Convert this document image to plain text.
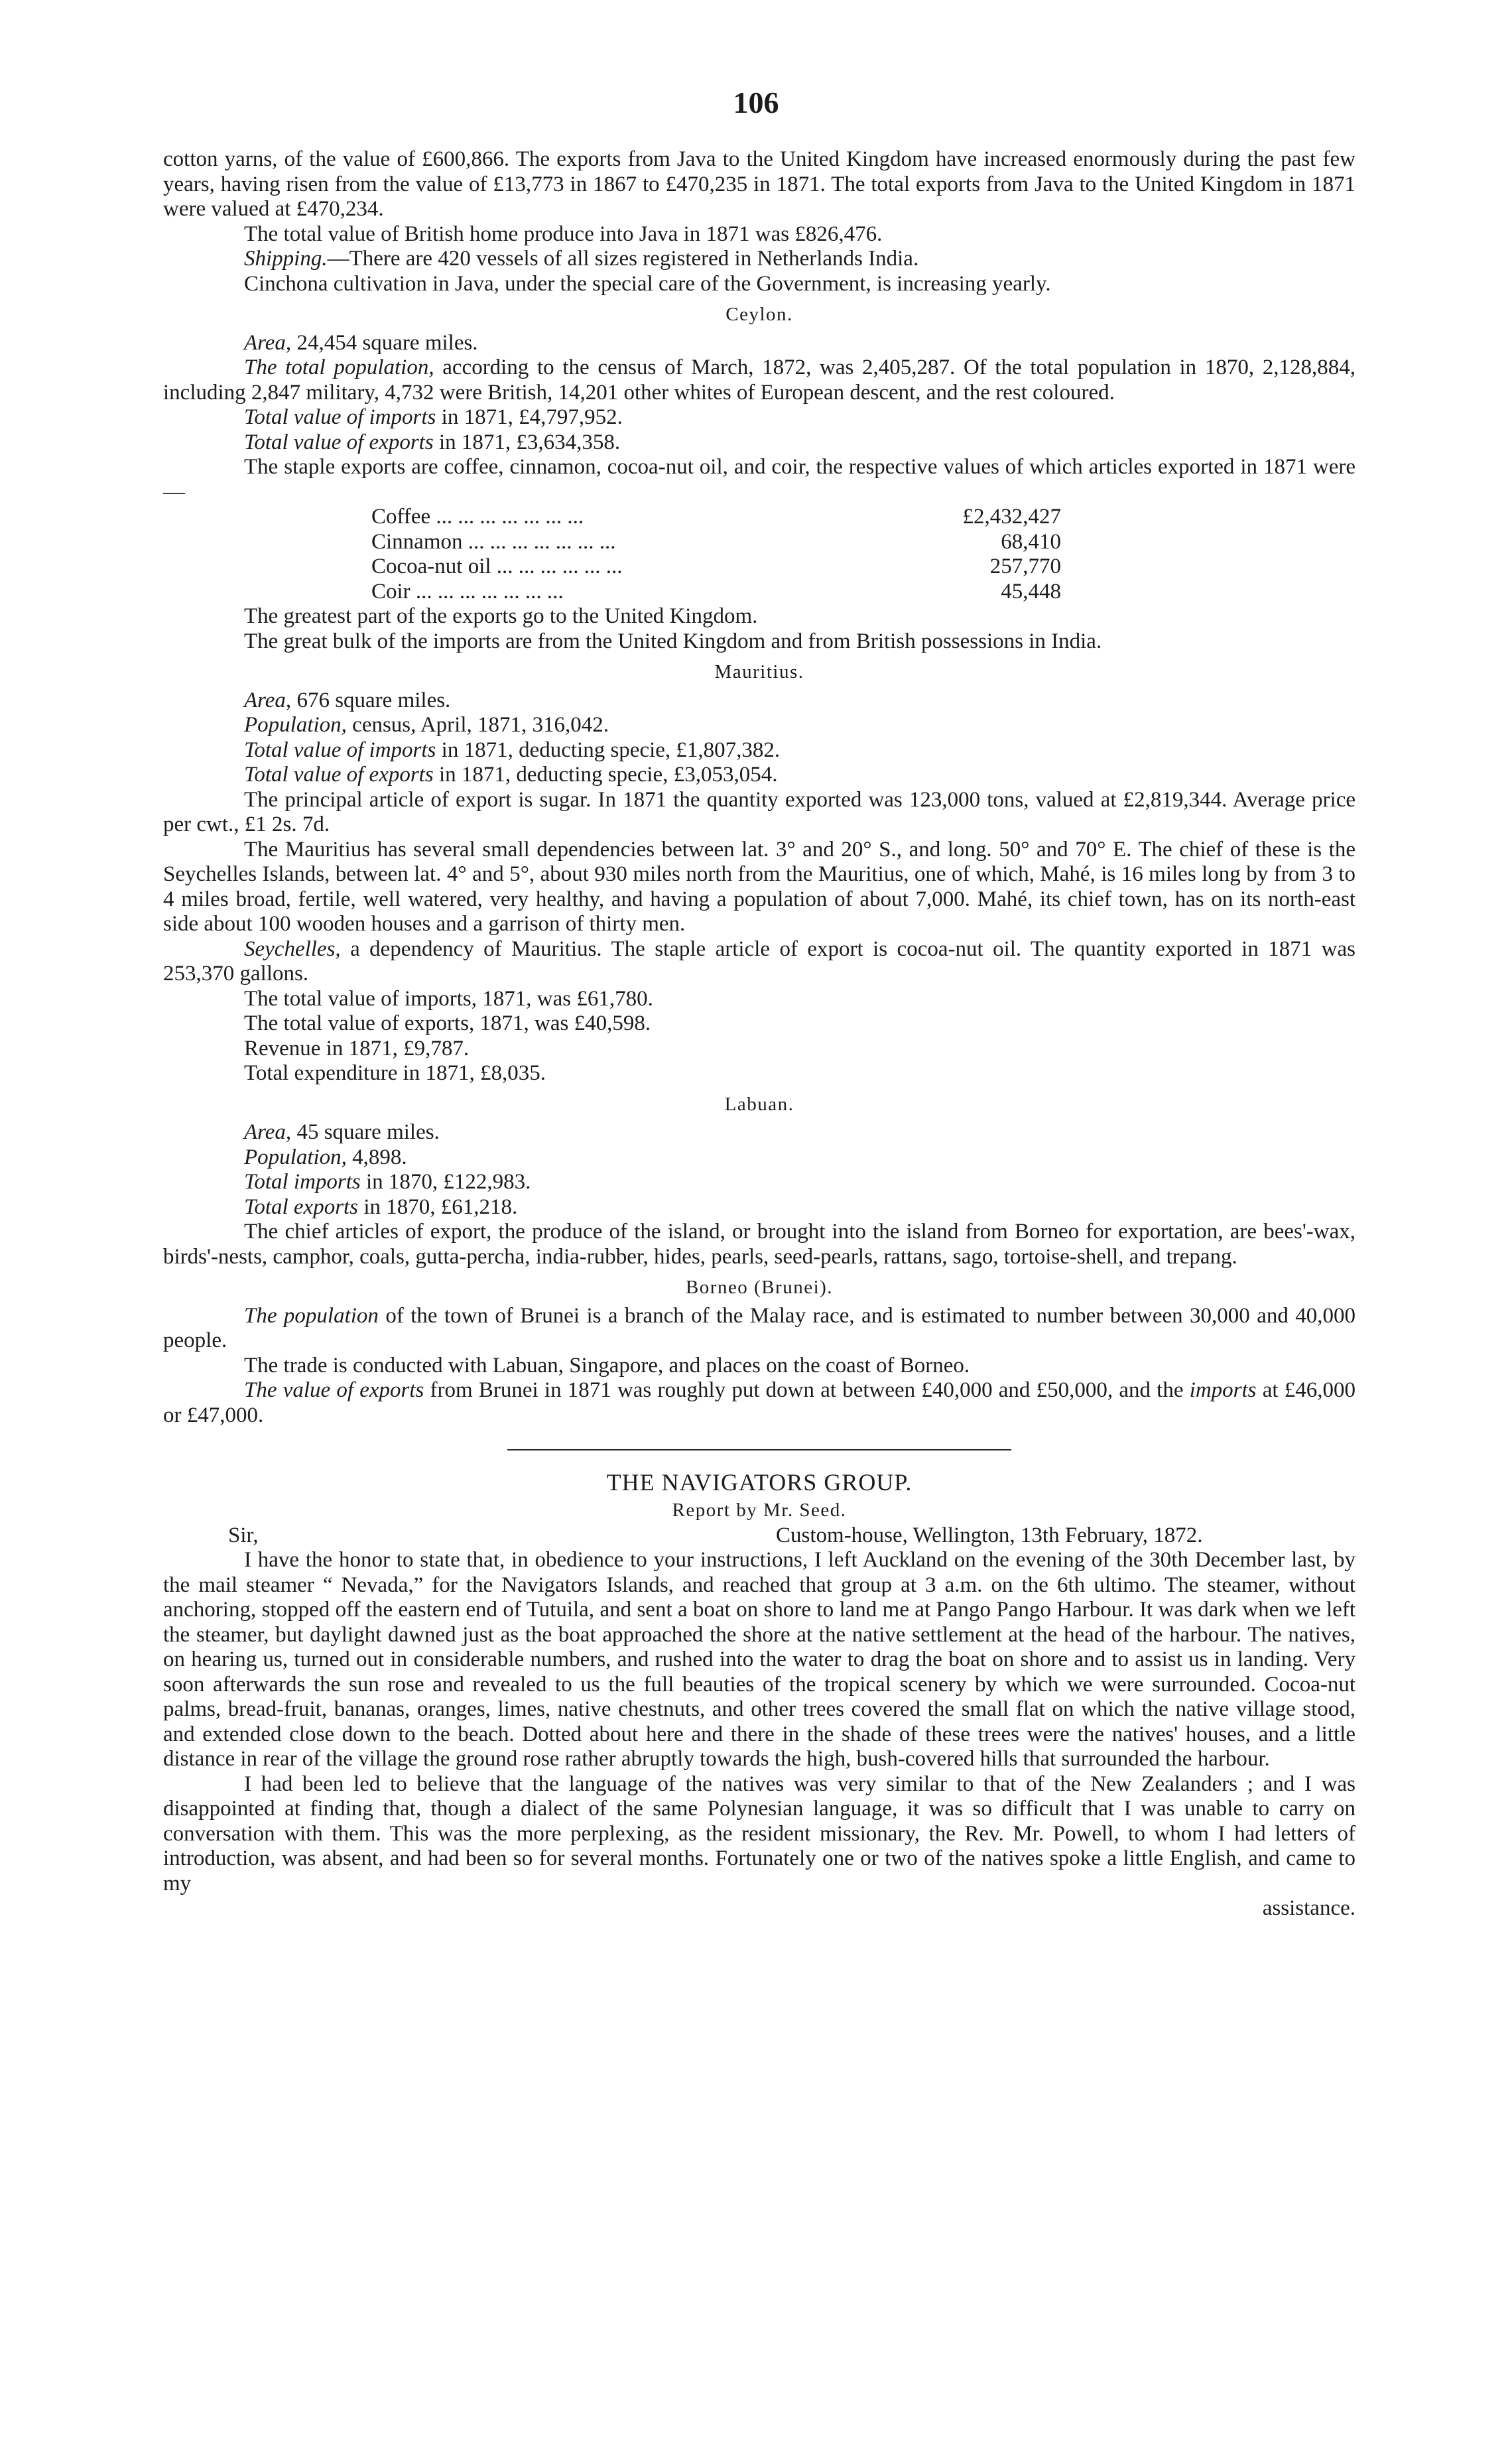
106

cotton yarns, of the value of £600,866. The exports from Java to the United Kingdom have increased enormously during the past few years, having risen from the value of £13,773 in 1867 to £470,235 in 1871. The total exports from Java to the United Kingdom in 1871 were valued at £470,234.

The total value of British home produce into Java in 1871 was £826,476.

Shipping.—There are 420 vessels of all sizes registered in Netherlands India.

Cinchona cultivation in Java, under the special care of the Government, is increasing yearly.

Ceylon.

Area, 24,454 square miles.

The total population, according to the census of March, 1872, was 2,405,287. Of the total population in 1870, 2,128,884, including 2,847 military, 4,732 were British, 14,201 other whites of European descent, and the rest coloured.

Total value of imports in 1871, £4,797,952.

Total value of exports in 1871, £3,634,358.

The staple exports are coffee, cinnamon, cocoa-nut oil, and coir, the respective values of which articles exported in 1871 were—

Coffee ... ... ... ... ... ... ...	£2,432,427
Cinnamon ... ... ... ... ... ... ...	68,410
Cocoa-nut oil ... ... ... ... ... ...	257,770
Coir ... ... ... ... ... ... ...	45,448

The greatest part of the exports go to the United Kingdom.

The great bulk of the imports are from the United Kingdom and from British possessions in India.

Mauritius.

Area, 676 square miles.

Population, census, April, 1871, 316,042.

Total value of imports in 1871, deducting specie, £1,807,382.

Total value of exports in 1871, deducting specie, £3,053,054.

The principal article of export is sugar. In 1871 the quantity exported was 123,000 tons, valued at £2,819,344. Average price per cwt., £1 2s. 7d.

The Mauritius has several small dependencies between lat. 3° and 20° S., and long. 50° and 70° E. The chief of these is the Seychelles Islands, between lat. 4° and 5°, about 930 miles north from the Mauritius, one of which, Mahé, is 16 miles long by from 3 to 4 miles broad, fertile, well watered, very healthy, and having a population of about 7,000. Mahé, its chief town, has on its north-east side about 100 wooden houses and a garrison of thirty men.

Seychelles, a dependency of Mauritius. The staple article of export is cocoa-nut oil. The quantity exported in 1871 was 253,370 gallons.

The total value of imports, 1871, was £61,780.

The total value of exports, 1871, was £40,598.

Revenue in 1871, £9,787.

Total expenditure in 1871, £8,035.

Labuan.

Area, 45 square miles.

Population, 4,898.

Total imports in 1870, £122,983.

Total exports in 1870, £61,218.

The chief articles of export, the produce of the island, or brought into the island from Borneo for exportation, are bees'-wax, birds'-nests, camphor, coals, gutta-percha, india-rubber, hides, pearls, seed-pearls, rattans, sago, tortoise-shell, and trepang.

Borneo (Brunei).

The population of the town of Brunei is a branch of the Malay race, and is estimated to number between 30,000 and 40,000 people.

The trade is conducted with Labuan, Singapore, and places on the coast of Borneo.

The value of exports from Brunei in 1871 was roughly put down at between £40,000 and £50,000, and the imports at £46,000 or £47,000.

THE NAVIGATORS GROUP.
Report by Mr. Seed.
Sir,	Custom-house, Wellington, 13th February, 1872.

I have the honor to state that, in obedience to your instructions, I left Auckland on the evening of the 30th December last, by the mail steamer “ Nevada,” for the Navigators Islands, and reached that group at 3 a.m. on the 6th ultimo. The steamer, without anchoring, stopped off the eastern end of Tutuila, and sent a boat on shore to land me at Pango Pango Harbour. It was dark when we left the steamer, but daylight dawned just as the boat approached the shore at the native settlement at the head of the harbour. The natives, on hearing us, turned out in considerable numbers, and rushed into the water to drag the boat on shore and to assist us in landing. Very soon afterwards the sun rose and revealed to us the full beauties of the tropical scenery by which we were surrounded. Cocoa-nut palms, bread-fruit, bananas, oranges, limes, native chestnuts, and other trees covered the small flat on which the native village stood, and extended close down to the beach. Dotted about here and there in the shade of these trees were the natives' houses, and a little distance in rear of the village the ground rose rather abruptly towards the high, bush-covered hills that surrounded the harbour.

I had been led to believe that the language of the natives was very similar to that of the New Zealanders ; and I was disappointed at finding that, though a dialect of the same Polynesian language, it was so difficult that I was unable to carry on conversation with them. This was the more perplexing, as the resident missionary, the Rev. Mr. Powell, to whom I had letters of introduction, was absent, and had been so for several months. Fortunately one or two of the natives spoke a little English, and came to my

assistance.
